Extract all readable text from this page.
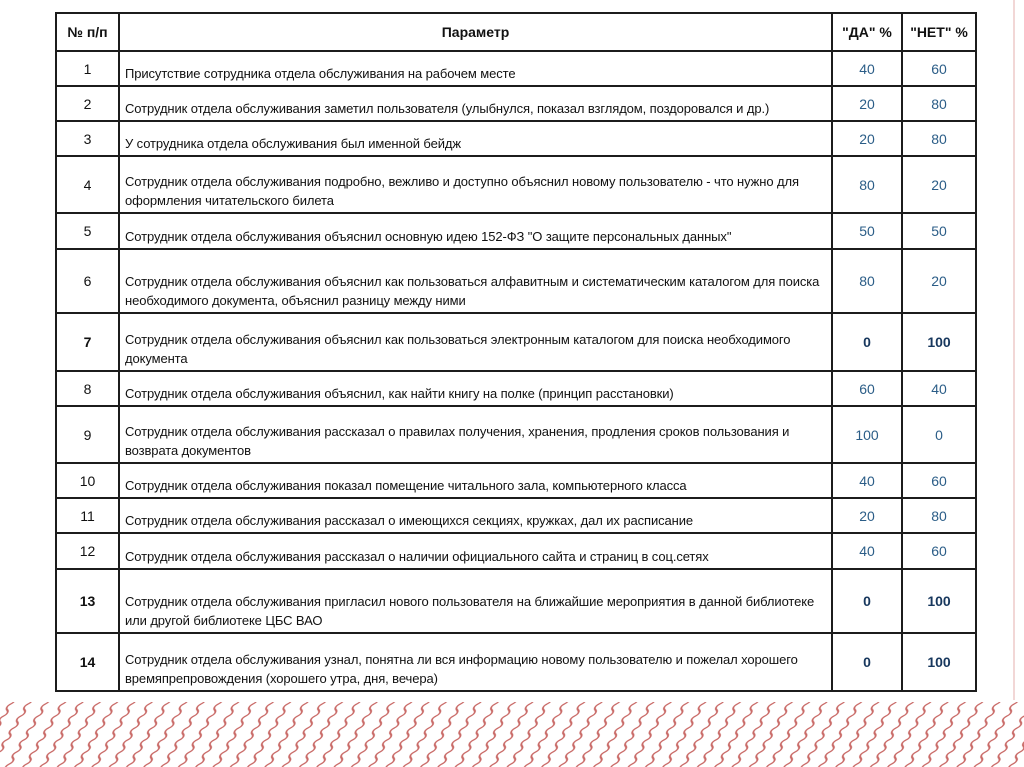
№ п/п	Параметр	"ДА" %	"НЕТ" %
1	Присутствие сотрудника отдела обслуживания на рабочем месте	40	60
2	Сотрудник отдела обслуживания заметил пользователя (улыбнулся, показал взглядом, поздоровался и др.)	20	80
3	У сотрудника отдела обслуживания был именной бейдж	20	80
4	Сотрудник отдела обслуживания подробно, вежливо и доступно объяснил новому пользователю - что нужно для оформления читательского билета	80	20
5	Сотрудник отдела обслуживания объяснил основную идею 152-ФЗ "О защите персональных данных"	50	50
6	Сотрудник отдела обслуживания объяснил как пользоваться алфавитным и систематическим каталогом для поиска необходимого документа, объяснил разницу между ними	80	20
7	Сотрудник отдела обслуживания объяснил как пользоваться электронным каталогом для поиска необходимого документа	0	100
8	Сотрудник отдела обслуживания объяснил, как найти книгу на полке (принцип расстановки)	60	40
9	Сотрудник отдела обслуживания рассказал о правилах получения, хранения, продления сроков пользования и возврата документов	100	0
10	Сотрудник отдела обслуживания показал помещение читального зала, компьютерного класса	40	60
11	Сотрудник отдела обслуживания рассказал о имеющихся секциях, кружках, дал их расписание	20	80
12	Сотрудник отдела обслуживания рассказал о наличии официального сайта и страниц в соц.сетях	40	60
13	Сотрудник отдела обслуживания пригласил нового пользователя на ближайшие мероприятия в данной библиотеке или другой библиотеке ЦБС ВАО	0	100
14	Сотрудник отдела обслуживания узнал, понятна ли вся информацию новому пользователю и пожелал хорошего времяпрепровождения (хорошего утра, дня, вечера)	0	100
